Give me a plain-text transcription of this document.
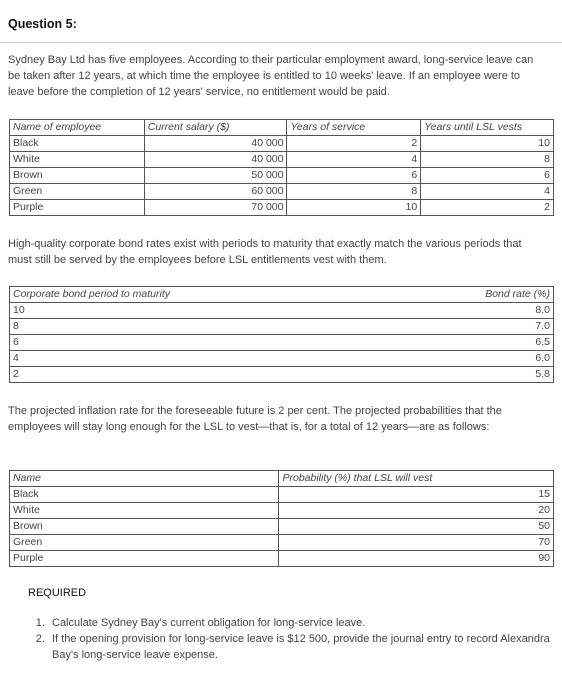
Question 5:

Sydney Bay Ltd has five employees. According to their particular employment award, long-service leave can be taken after 12 years, at which time the employee is entitled to 10 weeks' leave. If an employee were to leave before the completion of 12 years' service, no entitlement would be paid.

Name of employee	Current salary ($)	Years of service	Years until LSL vests
Black	40 000	2	10
White	40 000	4	8
Brown	50 000	6	6
Green	60 000	8	4
Purple	70 000	10	2

High-quality corporate bond rates exist with periods to maturity that exactly match the various periods that must still be served by the employees before LSL entitlements vest with them.

Corporate bond period to maturity	Bond rate (%)
10	8.0
8	7.0
6	6.5
4	6.0
2	5.8

The projected inflation rate for the foreseeable future is 2 per cent. The projected probabilities that the employees will stay long enough for the LSL to vest—that is, for a total of 12 years—are as follows:

Name	Probability (%) that LSL will vest
Black	15
White	20
Brown	50
Green	70
Purple	90
REQUIRED
1. Calculate Sydney Bay's current obligation for long-service leave.
2. If the opening provision for long-service leave is $12 500, provide the journal entry to record Alexandra Bay's long-service leave expense.
